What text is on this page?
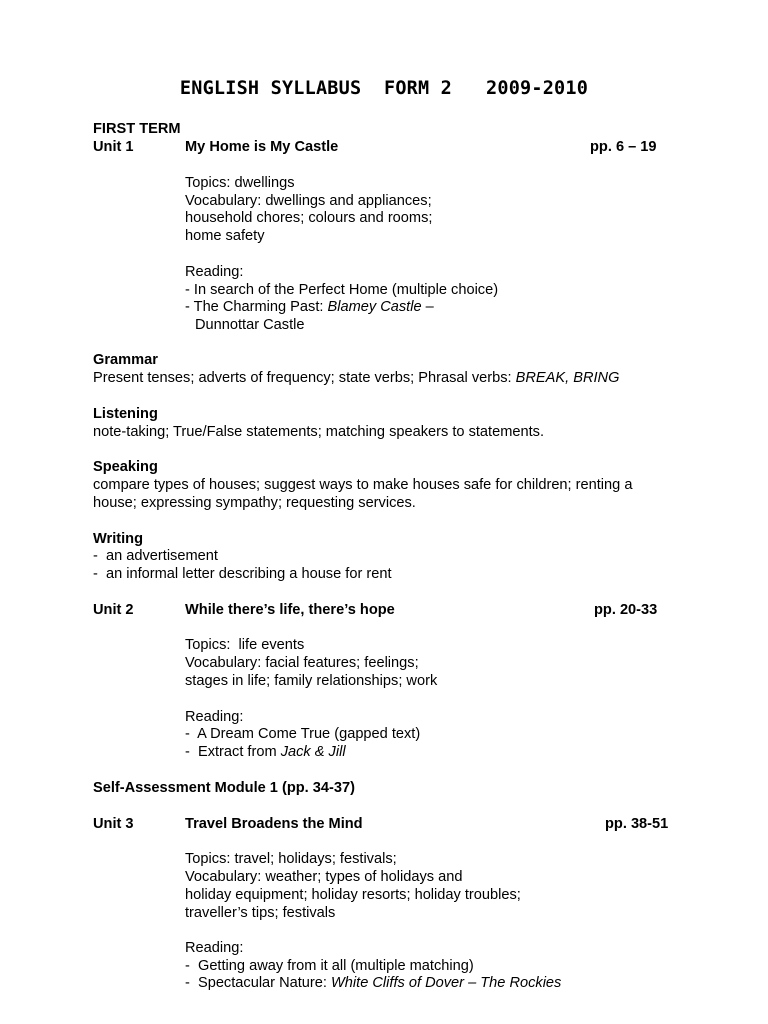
ENGLISH SYLLABUS  FORM 2   2009-2010
FIRST TERM
Unit 1	My Home is My Castle	pp. 6 – 19
Topics: dwellings
Vocabulary: dwellings and appliances;
household chores; colours and rooms;
home safety
Reading:
- In search of the Perfect Home (multiple choice)
- The Charming Past: Blamey Castle –
Dunnottar Castle
Grammar
Present tenses; adverts of frequency; state verbs; Phrasal verbs: BREAK, BRING
Listening
note-taking; True/False statements; matching speakers to statements.
Speaking
compare types of houses; suggest ways to make houses safe for children; renting a
house; expressing sympathy; requesting services.
Writing
-  an advertisement
-  an informal letter describing a house for rent
Unit 2	While there’s life, there’s hope	pp. 20-33
Topics:  life events
Vocabulary: facial features; feelings;
stages in life; family relationships; work
Reading:
-  A Dream Come True (gapped text)
-  Extract from Jack & Jill
Self-Assessment Module 1 (pp. 34-37)
Unit 3	Travel Broadens the Mind	pp. 38-51
Topics: travel; holidays; festivals;
Vocabulary: weather; types of holidays and
holiday equipment; holiday resorts; holiday troubles;
traveller’s tips; festivals
Reading:
-  Getting away from it all (multiple matching)
-  Spectacular Nature: White Cliffs of Dover – The Rockies
